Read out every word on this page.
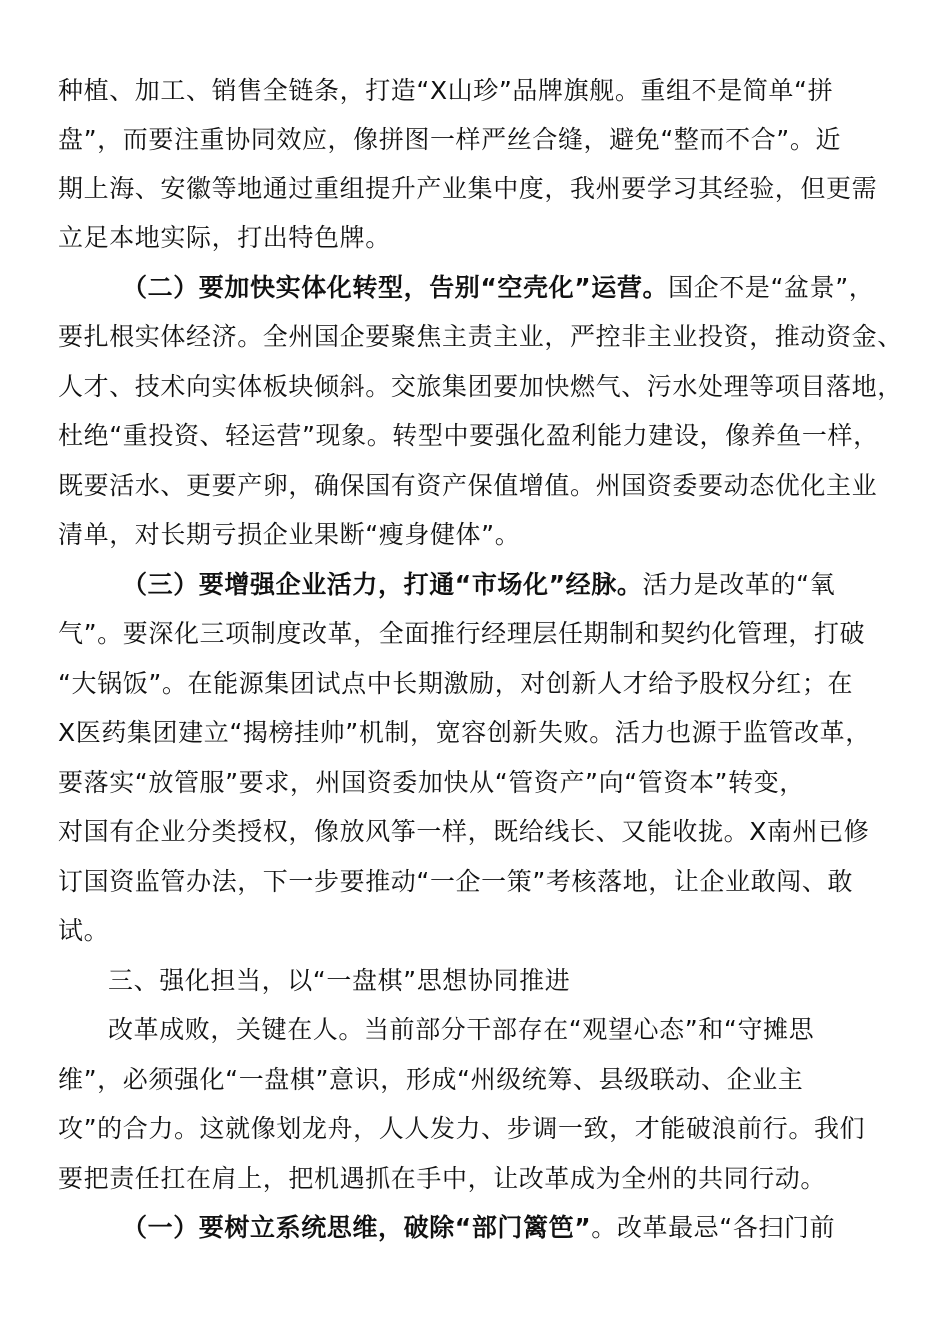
种植、加工、销售全链条，打造“X山珍”品牌旗舰。重组不是简单“拼
盘”，而要注重协同效应，像拼图一样严丝合缝，避免“整而不合”。近
期上海、安徽等地通过重组提升产业集中度，我州要学习其经验，但更需
立足本地实际，打出特色牌。
（二）要加快实体化转型，告别“空壳化”运营。国企不是“盆景”，
要扎根实体经济。全州国企要聚焦主责主业，严控非主业投资，推动资金、
人才、技术向实体板块倾斜。交旅集团要加快燃气、污水处理等项目落地，
杜绝“重投资、轻运营”现象。转型中要强化盈利能力建设，像养鱼一样，
既要活水、更要产卵，确保国有资产保值增值。州国资委要动态优化主业
清单，对长期亏损企业果断“瘦身健体”。
（三）要增强企业活力，打通“市场化”经脉。活力是改革的“氧
气”。要深化三项制度改革，全面推行经理层任期制和契约化管理，打破
“大锅饭”。在能源集团试点中长期激励，对创新人才给予股权分红；在
X医药集团建立“揭榜挂帅”机制，宽容创新失败。活力也源于监管改革，
要落实“放管服”要求，州国资委加快从“管资产”向“管资本”转变，
对国有企业分类授权，像放风筝一样，既给线长、又能收拢。X南州已修
订国资监管办法，下一步要推动“一企一策”考核落地，让企业敢闯、敢
试。
三、强化担当，以“一盘棋”思想协同推进
改革成败，关键在人。当前部分干部存在“观望心态”和“守摊思
维”，必须强化“一盘棋”意识，形成“州级统筹、县级联动、企业主
攻”的合力。这就像划龙舟，人人发力、步调一致，才能破浪前行。我们
要把责任扛在肩上，把机遇抓在手中，让改革成为全州的共同行动。
（一）要树立系统思维，破除“部门篱笆”。改革最忌“各扫门前
